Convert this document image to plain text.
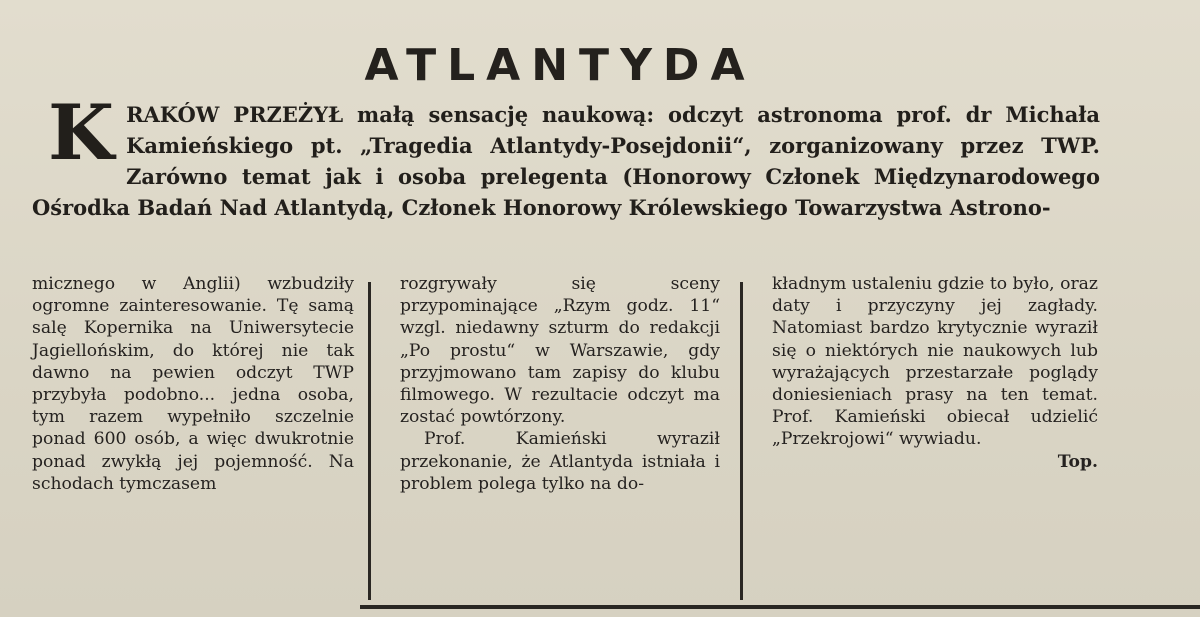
ATLANTYDA
K RAKÓW PRZEŻYŁ małą sensację naukową: odczyt astronoma prof. dr Michała Kamieńskiego pt. „Tragedia Atlantydy-Posejdonii“, zorganizowany przez TWP. Zarówno temat jak i osoba prelegenta (Honorowy Członek Międzynarodowego Ośrodka Badań Nad Atlantydą, Członek Honorowy Królewskiego Towarzystwa Astrono-

micznego w Anglii) wzbudziły ogromne zainteresowanie. Tę samą salę Kopernika na Uniwersytecie Jagiellońskim, do której nie tak dawno na pewien odczyt TWP przybyła podobno... jedna osoba, tym razem wypełniło szczelnie ponad 600 osób, a więc dwukrotnie ponad zwykłą jej pojemność. Na schodach tymczasem

rozgrywały się sceny przypominające „Rzym godz. 11“ wzgl. niedawny szturm do redakcji „Po prostu“ w Warszawie, gdy przyjmowano tam zapisy do klubu filmowego. W rezultacie odczyt ma zostać powtórzony.

Prof. Kamieński wyraził przekonanie, że Atlantyda istniała i problem polega tylko na do-

kładnym ustaleniu gdzie to było, oraz daty i przyczyny jej zagłady. Natomiast bardzo krytycznie wyraził się o niektórych nie naukowych lub wyrażających przestarzałe poglądy doniesieniach prasy na ten temat. Prof. Kamieński obiecał udzielić „Przekrojowi“ wywiadu.

Top.
